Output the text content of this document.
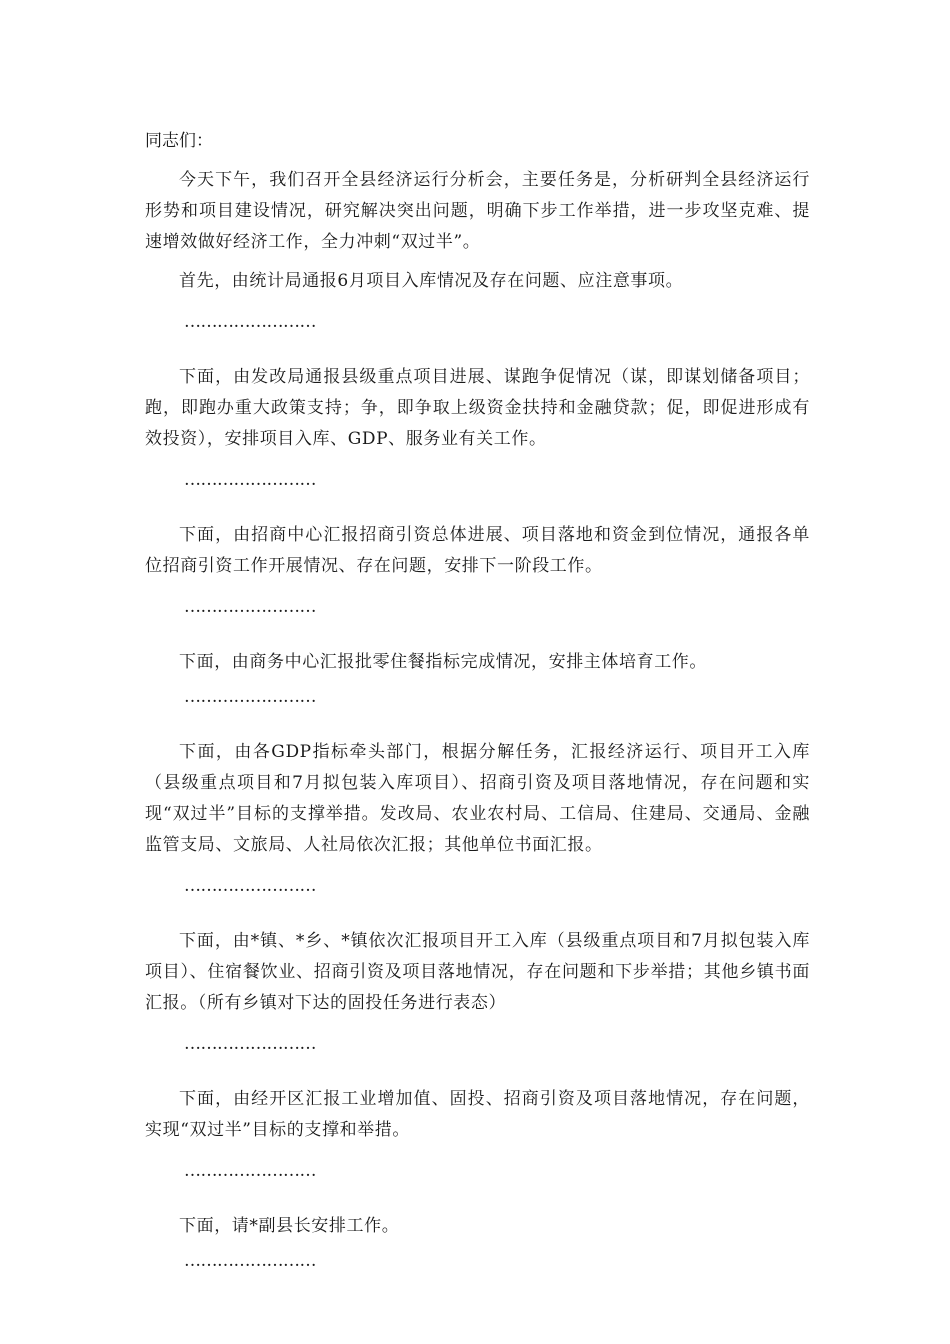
同志们：

今天下午，我们召开全县经济运行分析会，主要任务是，分析研判全县经济运行形势和项目建设情况，研究解决突出问题，明确下步工作举措，进一步攻坚克难、提速增效做好经济工作，全力冲刺“双过半”。

首先，由统计局通报6月项目入库情况及存在问题、应注意事项。

……………………

下面，由发改局通报县级重点项目进展、谋跑争促情况（谋，即谋划储备项目；跑，即跑办重大政策支持；争，即争取上级资金扶持和金融贷款；促，即促进形成有效投资），安排项目入库、GDP、服务业有关工作。

……………………

下面，由招商中心汇报招商引资总体进展、项目落地和资金到位情况，通报各单位招商引资工作开展情况、存在问题，安排下一阶段工作。

……………………

下面，由商务中心汇报批零住餐指标完成情况，安排主体培育工作。

……………………

下面，由各GDP指标牵头部门，根据分解任务，汇报经济运行、项目开工入库（县级重点项目和7月拟包装入库项目）、招商引资及项目落地情况，存在问题和实现“双过半”目标的支撑举措。发改局、农业农村局、工信局、住建局、交通局、金融监管支局、文旅局、人社局依次汇报；其他单位书面汇报。

……………………

下面，由*镇、*乡、*镇依次汇报项目开工入库（县级重点项目和7月拟包装入库项目）、住宿餐饮业、招商引资及项目落地情况，存在问题和下步举措；其他乡镇书面汇报。（所有乡镇对下达的固投任务进行表态）

……………………

下面，由经开区汇报工业增加值、固投、招商引资及项目落地情况，存在问题，实现“双过半”目标的支撑和举措。

……………………

下面，请*副县长安排工作。

……………………
